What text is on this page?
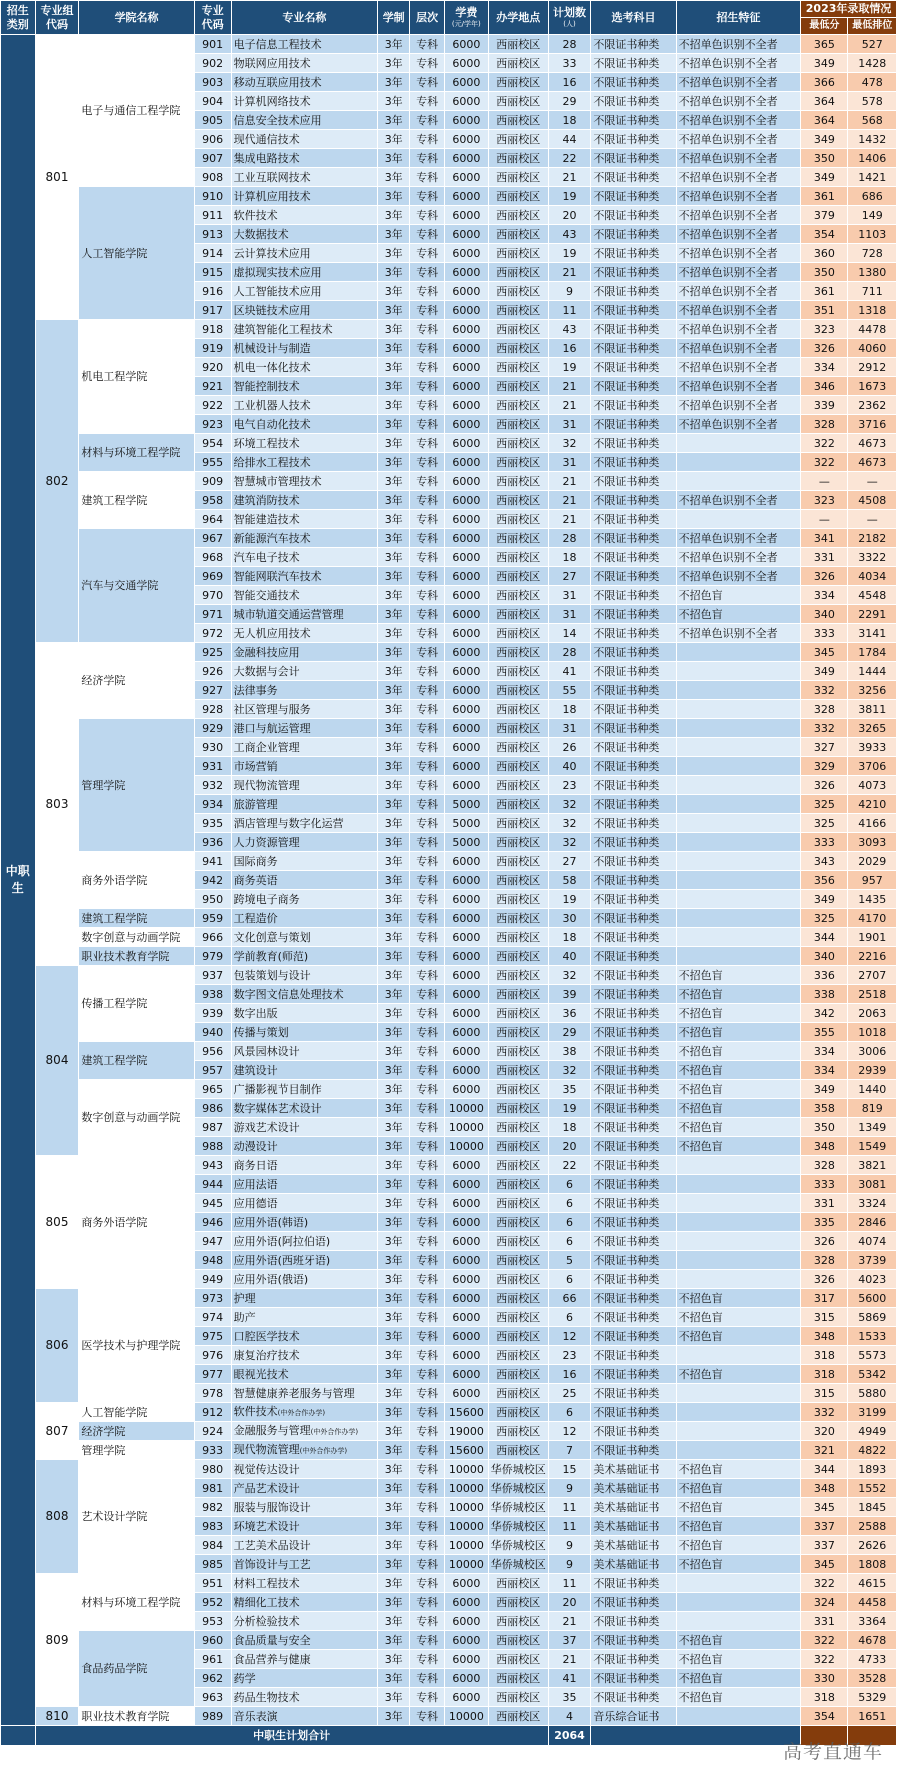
招生类别	专业组代码	学院名称	专业代码	专业名称	学制	层次	学费
(元/学年)	办学地点	计划数
(人)	选考科目	招生特征	2023年录取情况	
												最低分	最低排位
中职生	801	电子与通信工程学院	901	电子信息工程技术	3年	专科	6000	西丽校区	28	不限证书种类	不招单色识别不全者	365	527
			902	物联网应用技术	3年	专科	6000	西丽校区	33	不限证书种类	不招单色识别不全者	349	1428
			903	移动互联应用技术	3年	专科	6000	西丽校区	16	不限证书种类	不招单色识别不全者	366	478
			904	计算机网络技术	3年	专科	6000	西丽校区	29	不限证书种类	不招单色识别不全者	364	578
			905	信息安全技术应用	3年	专科	6000	西丽校区	18	不限证书种类	不招单色识别不全者	364	568
			906	现代通信技术	3年	专科	6000	西丽校区	44	不限证书种类	不招单色识别不全者	349	1432
			907	集成电路技术	3年	专科	6000	西丽校区	22	不限证书种类	不招单色识别不全者	350	1406
			908	工业互联网技术	3年	专科	6000	西丽校区	21	不限证书种类	不招单色识别不全者	349	1421
		人工智能学院	910	计算机应用技术	3年	专科	6000	西丽校区	19	不限证书种类	不招单色识别不全者	361	686
			911	软件技术	3年	专科	6000	西丽校区	20	不限证书种类	不招单色识别不全者	379	149
			913	大数据技术	3年	专科	6000	西丽校区	43	不限证书种类	不招单色识别不全者	354	1103
			914	云计算技术应用	3年	专科	6000	西丽校区	19	不限证书种类	不招单色识别不全者	360	728
			915	虚拟现实技术应用	3年	专科	6000	西丽校区	21	不限证书种类	不招单色识别不全者	350	1380
			916	人工智能技术应用	3年	专科	6000	西丽校区	9	不限证书种类	不招单色识别不全者	361	711
			917	区块链技术应用	3年	专科	6000	西丽校区	11	不限证书种类	不招单色识别不全者	351	1318
	802	机电工程学院	918	建筑智能化工程技术	3年	专科	6000	西丽校区	43	不限证书种类	不招单色识别不全者	323	4478
			919	机械设计与制造	3年	专科	6000	西丽校区	16	不限证书种类	不招单色识别不全者	326	4060
			920	机电一体化技术	3年	专科	6000	西丽校区	19	不限证书种类	不招单色识别不全者	334	2912
			921	智能控制技术	3年	专科	6000	西丽校区	21	不限证书种类	不招单色识别不全者	346	1673
			922	工业机器人技术	3年	专科	6000	西丽校区	21	不限证书种类	不招单色识别不全者	339	2362
			923	电气自动化技术	3年	专科	6000	西丽校区	31	不限证书种类	不招单色识别不全者	328	3716
		材料与环境工程学院	954	环境工程技术	3年	专科	6000	西丽校区	32	不限证书种类		322	4673
			955	给排水工程技术	3年	专科	6000	西丽校区	31	不限证书种类		322	4673
		建筑工程学院	909	智慧城市管理技术	3年	专科	6000	西丽校区	21	不限证书种类		—	—
			958	建筑消防技术	3年	专科	6000	西丽校区	21	不限证书种类	不招单色识别不全者	323	4508
			964	智能建造技术	3年	专科	6000	西丽校区	21	不限证书种类		—	—
		汽车与交通学院	967	新能源汽车技术	3年	专科	6000	西丽校区	28	不限证书种类	不招单色识别不全者	341	2182
			968	汽车电子技术	3年	专科	6000	西丽校区	18	不限证书种类	不招单色识别不全者	331	3322
			969	智能网联汽车技术	3年	专科	6000	西丽校区	27	不限证书种类	不招单色识别不全者	326	4034
			970	智能交通技术	3年	专科	6000	西丽校区	31	不限证书种类	不招色盲	334	4548
			971	城市轨道交通运营管理	3年	专科	6000	西丽校区	31	不限证书种类	不招色盲	340	2291
			972	无人机应用技术	3年	专科	6000	西丽校区	14	不限证书种类	不招单色识别不全者	333	3141
	803	经济学院	925	金融科技应用	3年	专科	6000	西丽校区	28	不限证书种类		345	1784
			926	大数据与会计	3年	专科	6000	西丽校区	41	不限证书种类		349	1444
			927	法律事务	3年	专科	6000	西丽校区	55	不限证书种类		332	3256
			928	社区管理与服务	3年	专科	6000	西丽校区	18	不限证书种类		328	3811
		管理学院	929	港口与航运管理	3年	专科	6000	西丽校区	31	不限证书种类		332	3265
			930	工商企业管理	3年	专科	6000	西丽校区	26	不限证书种类		327	3933
			931	市场营销	3年	专科	6000	西丽校区	40	不限证书种类		329	3706
			932	现代物流管理	3年	专科	6000	西丽校区	23	不限证书种类		326	4073
			934	旅游管理	3年	专科	5000	西丽校区	32	不限证书种类		325	4210
			935	酒店管理与数字化运营	3年	专科	5000	西丽校区	32	不限证书种类		325	4166
			936	人力资源管理	3年	专科	5000	西丽校区	32	不限证书种类		333	3093
		商务外语学院	941	国际商务	3年	专科	6000	西丽校区	27	不限证书种类		343	2029
			942	商务英语	3年	专科	6000	西丽校区	58	不限证书种类		356	957
			950	跨境电子商务	3年	专科	6000	西丽校区	19	不限证书种类		349	1435
		建筑工程学院	959	工程造价	3年	专科	6000	西丽校区	30	不限证书种类		325	4170
		数字创意与动画学院	966	文化创意与策划	3年	专科	6000	西丽校区	18	不限证书种类		344	1901
		职业技术教育学院	979	学前教育(师范)	3年	专科	6000	西丽校区	40	不限证书种类		340	2216
	804	传播工程学院	937	包装策划与设计	3年	专科	6000	西丽校区	32	不限证书种类	不招色盲	336	2707
			938	数字图文信息处理技术	3年	专科	6000	西丽校区	39	不限证书种类	不招色盲	338	2518
			939	数字出版	3年	专科	6000	西丽校区	36	不限证书种类	不招色盲	342	2063
			940	传播与策划	3年	专科	6000	西丽校区	29	不限证书种类	不招色盲	355	1018
		建筑工程学院	956	风景园林设计	3年	专科	6000	西丽校区	38	不限证书种类	不招色盲	334	3006
			957	建筑设计	3年	专科	6000	西丽校区	32	不限证书种类	不招色盲	334	2939
		数字创意与动画学院	965	广播影视节目制作	3年	专科	6000	西丽校区	35	不限证书种类	不招色盲	349	1440
			986	数字媒体艺术设计	3年	专科	10000	西丽校区	19	不限证书种类	不招色盲	358	819
			987	游戏艺术设计	3年	专科	10000	西丽校区	18	不限证书种类	不招色盲	350	1349
			988	动漫设计	3年	专科	10000	西丽校区	20	不限证书种类	不招色盲	348	1549
	805	商务外语学院	943	商务日语	3年	专科	6000	西丽校区	22	不限证书种类		328	3821
			944	应用法语	3年	专科	6000	西丽校区	6	不限证书种类		333	3081
			945	应用德语	3年	专科	6000	西丽校区	6	不限证书种类		331	3324
			946	应用外语(韩语)	3年	专科	6000	西丽校区	6	不限证书种类		335	2846
			947	应用外语(阿拉伯语)	3年	专科	6000	西丽校区	6	不限证书种类		326	4074
			948	应用外语(西班牙语)	3年	专科	6000	西丽校区	5	不限证书种类		328	3739
			949	应用外语(俄语)	3年	专科	6000	西丽校区	6	不限证书种类		326	4023
	806	医学技术与护理学院	973	护理	3年	专科	6000	西丽校区	66	不限证书种类	不招色盲	317	5600
			974	助产	3年	专科	6000	西丽校区	6	不限证书种类	不招色盲	315	5869
			975	口腔医学技术	3年	专科	6000	西丽校区	12	不限证书种类	不招色盲	348	1533
			976	康复治疗技术	3年	专科	6000	西丽校区	23	不限证书种类		318	5573
			977	眼视光技术	3年	专科	6000	西丽校区	16	不限证书种类	不招色盲	318	5342
			978	智慧健康养老服务与管理	3年	专科	6000	西丽校区	25	不限证书种类		315	5880
	807	人工智能学院	912	软件技术(中外合作办学)	3年	专科	15600	西丽校区	6	不限证书种类		332	3199
		经济学院	924	金融服务与管理(中外合作办学)	3年	专科	19000	西丽校区	12	不限证书种类		320	4949
		管理学院	933	现代物流管理(中外合作办学)	3年	专科	15600	西丽校区	7	不限证书种类		321	4822
	808	艺术设计学院	980	视觉传达设计	3年	专科	10000	华侨城校区	15	美术基础证书	不招色盲	344	1893
			981	产品艺术设计	3年	专科	10000	华侨城校区	9	美术基础证书	不招色盲	348	1552
			982	服装与服饰设计	3年	专科	10000	华侨城校区	11	美术基础证书	不招色盲	345	1845
			983	环境艺术设计	3年	专科	10000	华侨城校区	11	美术基础证书	不招色盲	337	2588
			984	工艺美术品设计	3年	专科	10000	华侨城校区	9	美术基础证书	不招色盲	337	2626
			985	首饰设计与工艺	3年	专科	10000	华侨城校区	9	美术基础证书	不招色盲	345	1808
	809	材料与环境工程学院	951	材料工程技术	3年	专科	6000	西丽校区	11	不限证书种类		322	4615
			952	精细化工技术	3年	专科	6000	西丽校区	20	不限证书种类		324	4458
			953	分析检验技术	3年	专科	6000	西丽校区	21	不限证书种类		331	3364
		食品药品学院	960	食品质量与安全	3年	专科	6000	西丽校区	37	不限证书种类	不招色盲	322	4678
			961	食品营养与健康	3年	专科	6000	西丽校区	21	不限证书种类	不招色盲	322	4733
			962	药学	3年	专科	6000	西丽校区	41	不限证书种类	不招色盲	330	3528
			963	药品生物技术	3年	专科	6000	西丽校区	35	不限证书种类	不招色盲	318	5329
	810	职业技术教育学院	989	音乐表演	3年	专科	10000	西丽校区	4	音乐综合证书		354	1651
	中职生计划合计								2064				
高考直通车
